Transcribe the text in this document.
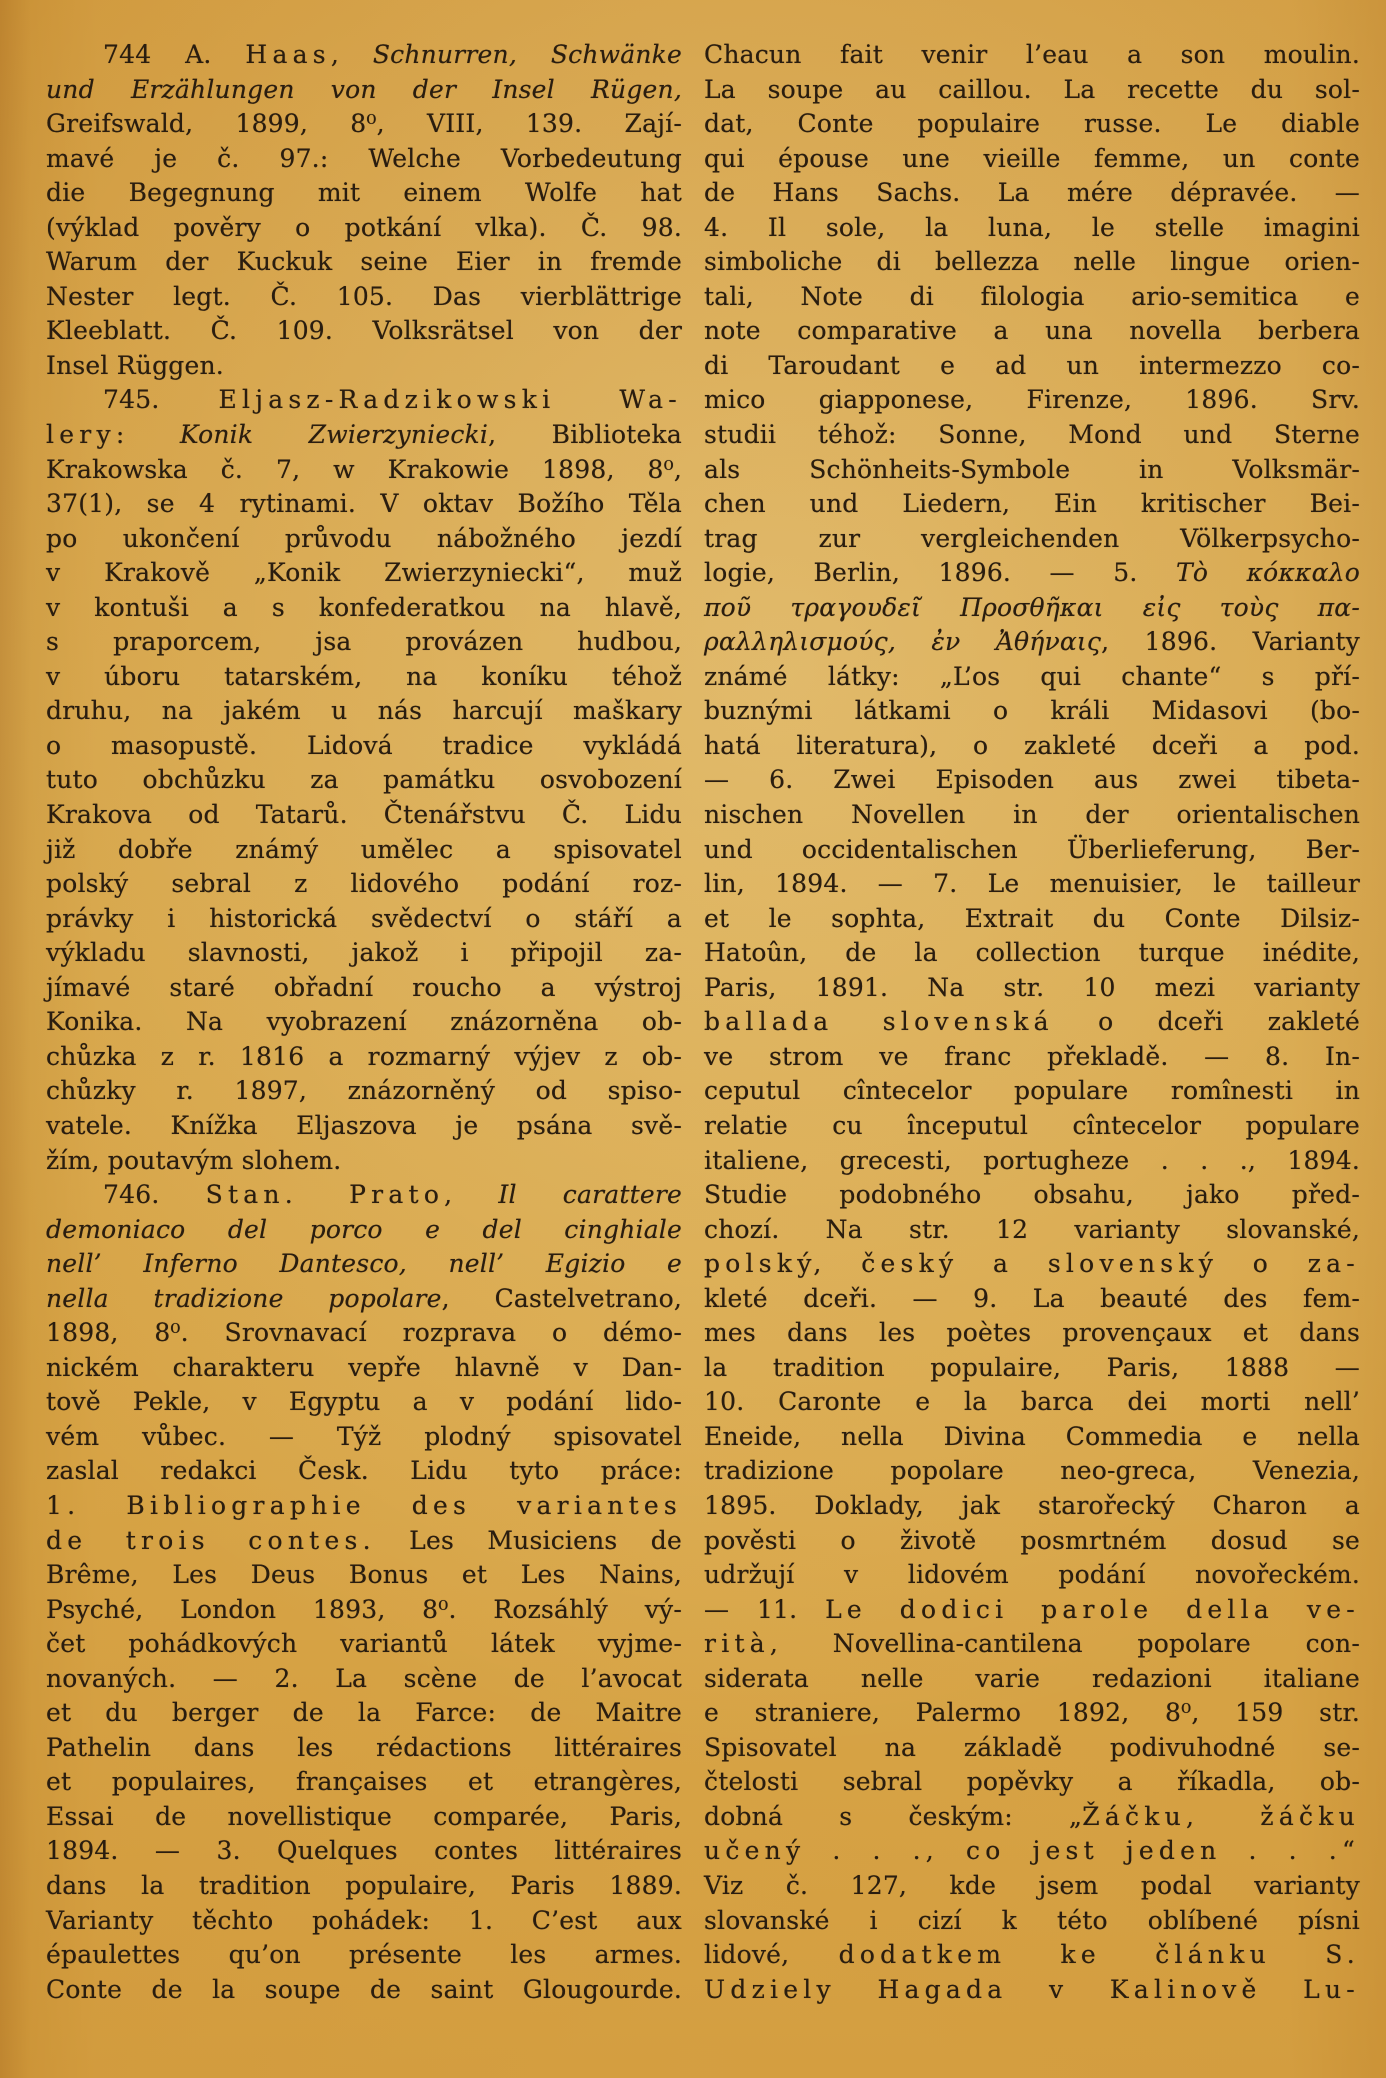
744 A. Haas, Schnurren, Schwänke
und Erzählungen von der Insel Rügen,
Greifswald, 1899, 8⁰, VIII, 139. Zají-
mavé je č. 97.: Welche Vorbedeutung
die Begegnung mit einem Wolfe hat
(výklad pověry o potkání vlka). Č. 98.
Warum der Kuckuk seine Eier in fremde
Nester legt. Č. 105. Das vierblättrige
Kleeblatt. Č. 109. Volksrätsel von der
Insel Rüggen.
745. Eljasz-Radzikowski Wa-
lery: Konik Zwierzyniecki, Biblioteka
Krakowska č. 7, w Krakowie 1898, 8⁰,
37(1), se 4 rytinami. V oktav Božího Těla
po ukončení průvodu nábožného jezdí
v Krakově „Konik Zwierzyniecki“, muž
v kontuši a s konfederatkou na hlavě,
s praporcem, jsa provázen hudbou,
v úboru tatarském, na koníku téhož
druhu, na jakém u nás harcují maškary
o masopustě. Lidová tradice vykládá
tuto obchůzku za památku osvobození
Krakova od Tatarů. Čtenářstvu Č. Lidu
již dobře známý umělec a spisovatel
polský sebral z lidového podání roz-
právky i historická svědectví o stáří a
výkladu slavnosti, jakož i připojil za-
jímavé staré obřadní roucho a výstroj
Konika. Na vyobrazení znázorněna ob-
chůzka z r. 1816 a rozmarný výjev z ob-
chůzky r. 1897, znázorněný od spiso-
vatele. Knížka Eljaszova je psána svě-
žím, poutavým slohem.
746. Stan. Prato, Il carattere
demoniaco del porco e del cinghiale
nell’ Inferno Dantesco, nell’ Egizio e
nella tradizione popolare, Castelvetrano,
1898, 8⁰. Srovnavací rozprava o démo-
nickém charakteru vepře hlavně v Dan-
tově Pekle, v Egyptu a v podání lido-
vém vůbec. — Týž plodný spisovatel
zaslal redakci Česk. Lidu tyto práce:
1. Bibliographie des variantes
de trois contes. Les Musiciens de
Brême, Les Deus Bonus et Les Nains,
Psyché, London 1893, 8⁰. Rozsáhlý vý-
čet pohádkových variantů látek vyjme-
novaných. — 2. La scène de l’avocat
et du berger de la Farce: de Maitre
Pathelin dans les rédactions littéraires
et populaires, françaises et etrangères,
Essai de novellistique comparée, Paris,
1894. — 3. Quelques contes littéraires
dans la tradition populaire, Paris 1889.
Varianty těchto pohádek: 1. C’est aux
épaulettes qu’on présente les armes.
Conte de la soupe de saint Glougourde.
Chacun fait venir l’eau a son moulin.
La soupe au caillou. La recette du sol-
dat, Conte populaire russe. Le diable
qui épouse une vieille femme, un conte
de Hans Sachs. La mére dépravée. —
4. Il sole, la luna, le stelle imagini
simboliche di bellezza nelle lingue orien-
tali, Note di filologia ario-semitica e
note comparative a una novella berbera
di Taroudant e ad un intermezzo co-
mico giapponese, Firenze, 1896. Srv.
studii téhož: Sonne, Mond und Sterne
als Schönheits-Symbole in Volksmär-
chen und Liedern, Ein kritischer Bei-
trag zur vergleichenden Völkerpsycho-
logie, Berlin, 1896. — 5. Τὸ κόκκαλο
ποῦ τραγουδεῖ Προσθῆκαι εἰς τοὺς πα-
ραλληλισμούς, ἐν Ἀθήναις, 1896. Varianty
známé látky: „L’os qui chante“ s pří-
buznými látkami o králi Midasovi (bo-
hatá literatura), o zakleté dceři a pod.
— 6. Zwei Episoden aus zwei tibeta-
nischen Novellen in der orientalischen
und occidentalischen Überlieferung, Ber-
lin, 1894. — 7. Le menuisier, le tailleur
et le sophta, Extrait du Conte Dilsiz-
Hatoûn, de la collection turque inédite,
Paris, 1891. Na str. 10 mezi varianty
ballada slovenská o dceři zakleté
ve strom ve franc překladě. — 8. In-
ceputul cîntecelor populare romînesti in
relatie cu începutul cîntecelor populare
italiene, grecesti, portugheze . . ., 1894.
Studie podobného obsahu, jako před-
chozí. Na str. 12 varianty slovanské,
polský, český a slovenský o za-
kleté dceři. — 9. La beauté des fem-
mes dans les poètes provençaux et dans
la tradition populaire, Paris, 1888 —
10. Caronte e la barca dei morti nell’
Eneide, nella Divina Commedia e nella
tradizione popolare neo-greca, Venezia,
1895. Doklady, jak starořecký Charon a
pověsti o životě posmrtném dosud se
udržují v lidovém podání novořeckém.
— 11. Le dodici parole della ve-
rità, Novellina-cantilena popolare con-
siderata nelle varie redazioni italiane
e straniere, Palermo 1892, 8⁰, 159 str.
Spisovatel na základě podivuhodné se-
čtelosti sebral popěvky a říkadla, ob-
dobná s českým: „Žáčku, žáčku
učený . . ., co jest jeden . . .“
Viz č. 127, kde jsem podal varianty
slovanské i cizí k této oblíbené písni
lidové, dodatkem ke článku S.
Udziely Hagada v Kalinově Lu-
